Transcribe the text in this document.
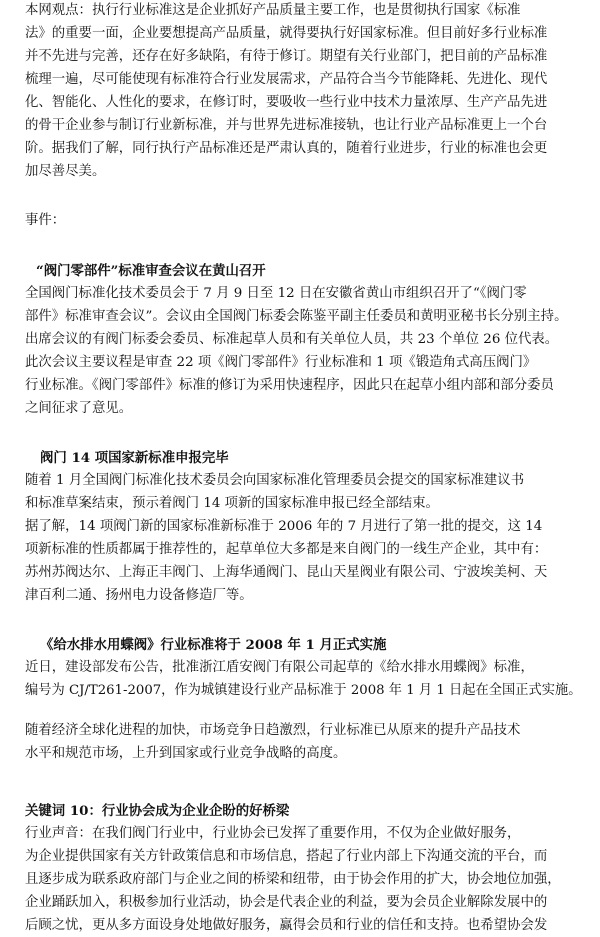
本网观点：执行行业标准这是企业抓好产品质量主要工作，也是贯彻执行国家《标准
法》的重要一面，企业要想提高产品质量，就得要执行好国家标准。但目前好多行业标准
并不先进与完善，还存在好多缺陷，有待于修订。期望有关行业部门，把目前的产品标准
梳理一遍，尽可能使现有标准符合行业发展需求，产品符合当今节能降耗、先进化、现代
化、智能化、人性化的要求，在修订时，要吸收一些行业中技术力量浓厚、生产产品先进
的骨干企业参与制订行业新标准，并与世界先进标准接轨，也让行业产品标准更上一个台
阶。据我们了解，同行执行产品标准还是严肃认真的，随着行业进步，行业的标准也会更
加尽善尽美。
事件：
“阀门零部件”标准审查会议在黄山召开
全国阀门标准化技术委员会于 7 月 9 日至 12 日在安徽省黄山市组织召开了“《阀门零
部件》标准审查会议”。会议由全国阀门标委会陈鉴平副主任委员和黄明亚秘书长分别主持。
出席会议的有阀门标委会委员、标准起草人员和有关单位人员，共 23 个单位 26 位代表。
此次会议主要议程是审查 22 项《阀门零部件》行业标准和 1 项《锻造角式高压阀门》
行业标准。《阀门零部件》标准的修订为采用快速程序，因此只在起草小组内部和部分委员
之间征求了意见。
阀门 14 项国家新标准申报完毕
随着 1 月全国阀门标准化技术委员会向国家标准化管理委员会提交的国家标准建议书
和标准草案结束，预示着阀门 14 项新的国家标准申报已经全部结束。
据了解，14 项阀门新的国家标准新标准于 2006 年的 7 月进行了第一批的提交，这 14
项新标准的性质都属于推荐性的，起草单位大多都是来自阀门的一线生产企业，其中有：
苏州苏阀达尔、上海正丰阀门、上海华通阀门、昆山天星阀业有限公司、宁波埃美柯、天
津百利二通、扬州电力设备修造厂等。
《给水排水用蝶阀》行业标准将于 2008 年 1 月正式实施
近日，建设部发布公告，批准浙江盾安阀门有限公司起草的《给水排水用蝶阀》标准，
编号为 CJ/T261-2007，作为城镇建设行业产品标准于 2008 年 1 月 1 日起在全国正式实施。
随着经济全球化进程的加快，市场竞争日趋激烈，行业标准已从原来的提升产品技术
水平和规范市场，上升到国家或行业竞争战略的高度。
关键词 10：行业协会成为企业企盼的好桥梁
行业声音：在我们阀门行业中，行业协会已发挥了重要作用，不仅为企业做好服务，
为企业提供国家有关方针政策信息和市场信息，搭起了行业内部上下沟通交流的平台，而
且逐步成为联系政府部门与企业之间的桥梁和纽带，由于协会作用的扩大，协会地位加强，
企业踊跃加入，积极参加行业活动，协会是代表企业的利益，要为会员企业解除发展中的
后顾之忧，更从多方面设身处地做好服务，赢得会员和行业的信任和支持。也希望协会发
